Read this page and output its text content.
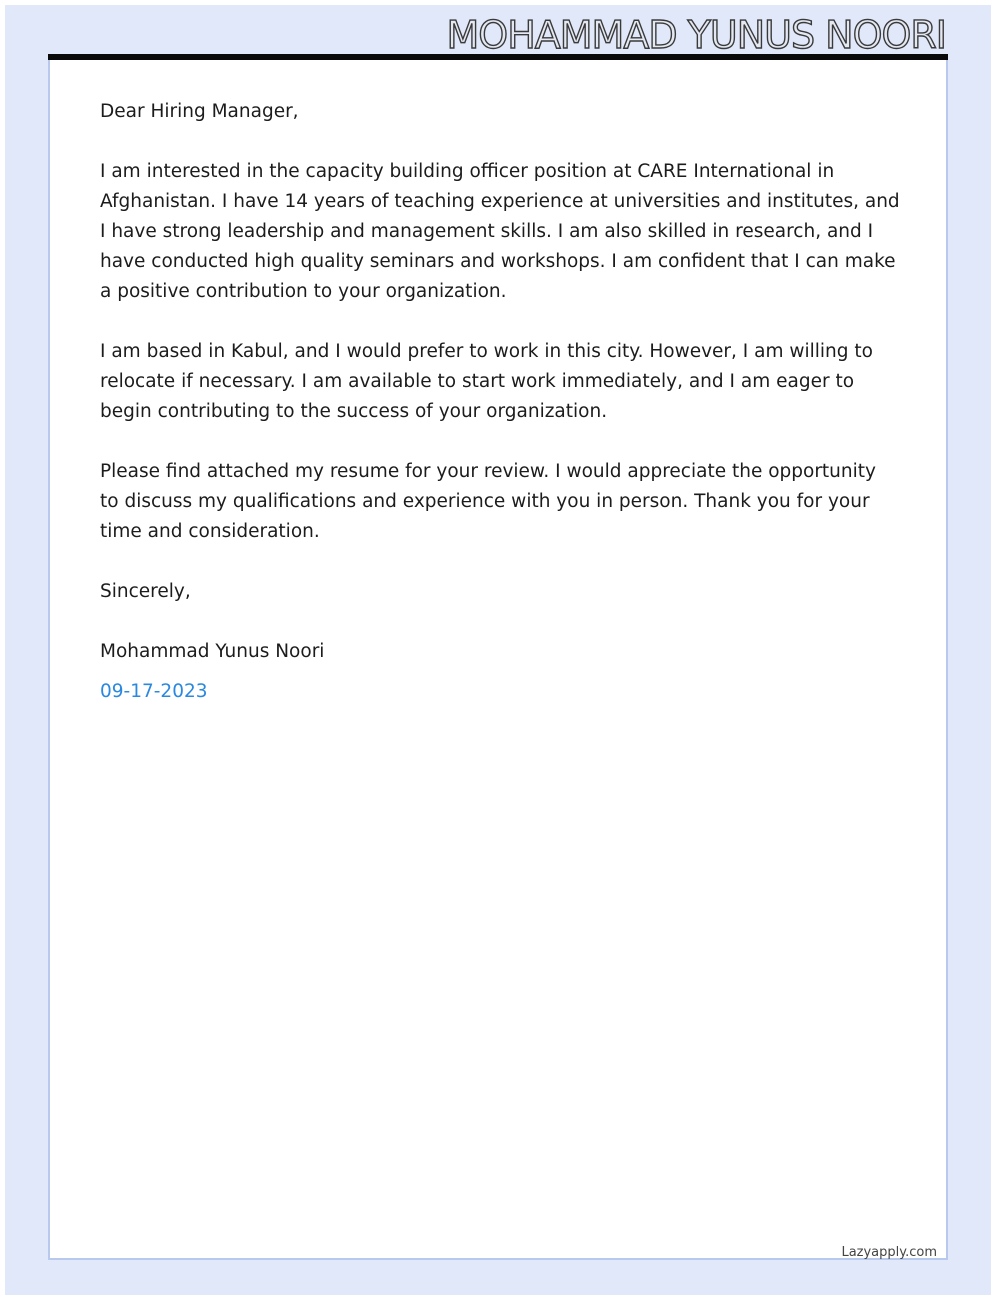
MOHAMMAD YUNUS NOORI

Dear Hiring Manager,

I am interested in the capacity building officer position at CARE International in Afghanistan. I have 14 years of teaching experience at universities and institutes, and I have strong leadership and management skills. I am also skilled in research, and I have conducted high quality seminars and workshops. I am confident that I can make a positive contribution to your organization.

I am based in Kabul, and I would prefer to work in this city. However, I am willing to relocate if necessary. I am available to start work immediately, and I am eager to begin contributing to the success of your organization.

Please find attached my resume for your review. I would appreciate the opportunity to discuss my qualifications and experience with you in person. Thank you for your time and consideration.

Sincerely,

Mohammad Yunus Noori

09-17-2023

Lazyapply.com
